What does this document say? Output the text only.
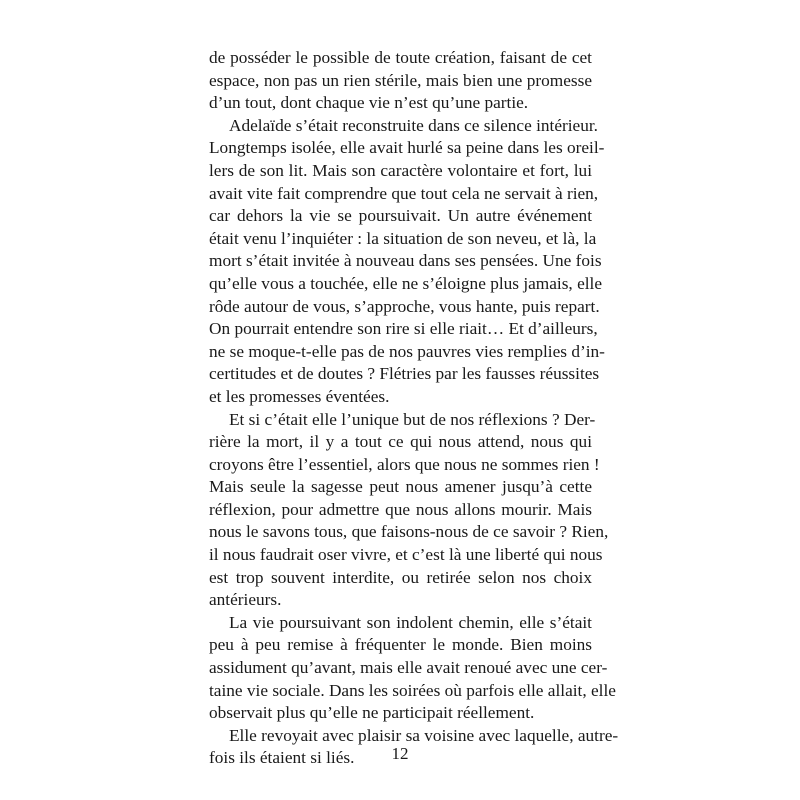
de posséder le possible de toute création, faisant de cet
espace, non pas un rien stérile, mais bien une promesse
d’un tout, dont chaque vie n’est qu’une partie.
Adelaïde s’était reconstruite dans ce silence intérieur.
Longtemps isolée, elle avait hurlé sa peine dans les oreil-
lers de son lit. Mais son caractère volontaire et fort, lui
avait vite fait comprendre que tout cela ne servait à rien,
car dehors la vie se poursuivait. Un autre événement
était venu l’inquiéter : la situation de son neveu, et là, la
mort s’était invitée à nouveau dans ses pensées. Une fois
qu’elle vous a touchée, elle ne s’éloigne plus jamais, elle
rôde autour de vous, s’approche, vous hante, puis repart.
On pourrait entendre son rire si elle riait… Et d’ailleurs,
ne se moque-t-elle pas de nos pauvres vies remplies d’in-
certitudes et de doutes ? Flétries par les fausses réussites
et les promesses éventées.
Et si c’était elle l’unique but de nos réflexions ? Der-
rière la mort, il y a tout ce qui nous attend, nous qui
croyons être l’essentiel, alors que nous ne sommes rien !
Mais seule la sagesse peut nous amener jusqu’à cette
réflexion, pour admettre que nous allons mourir. Mais
nous le savons tous, que faisons-nous de ce savoir ? Rien,
il nous faudrait oser vivre, et c’est là une liberté qui nous
est trop souvent interdite, ou retirée selon nos choix
antérieurs.
La vie poursuivant son indolent chemin, elle s’était
peu à peu remise à fréquenter le monde. Bien moins
assidument qu’avant, mais elle avait renoué avec une cer-
taine vie sociale. Dans les soirées où parfois elle allait, elle
observait plus qu’elle ne participait réellement.
Elle revoyait avec plaisir sa voisine avec laquelle, autre-
fois ils étaient si liés.	12
